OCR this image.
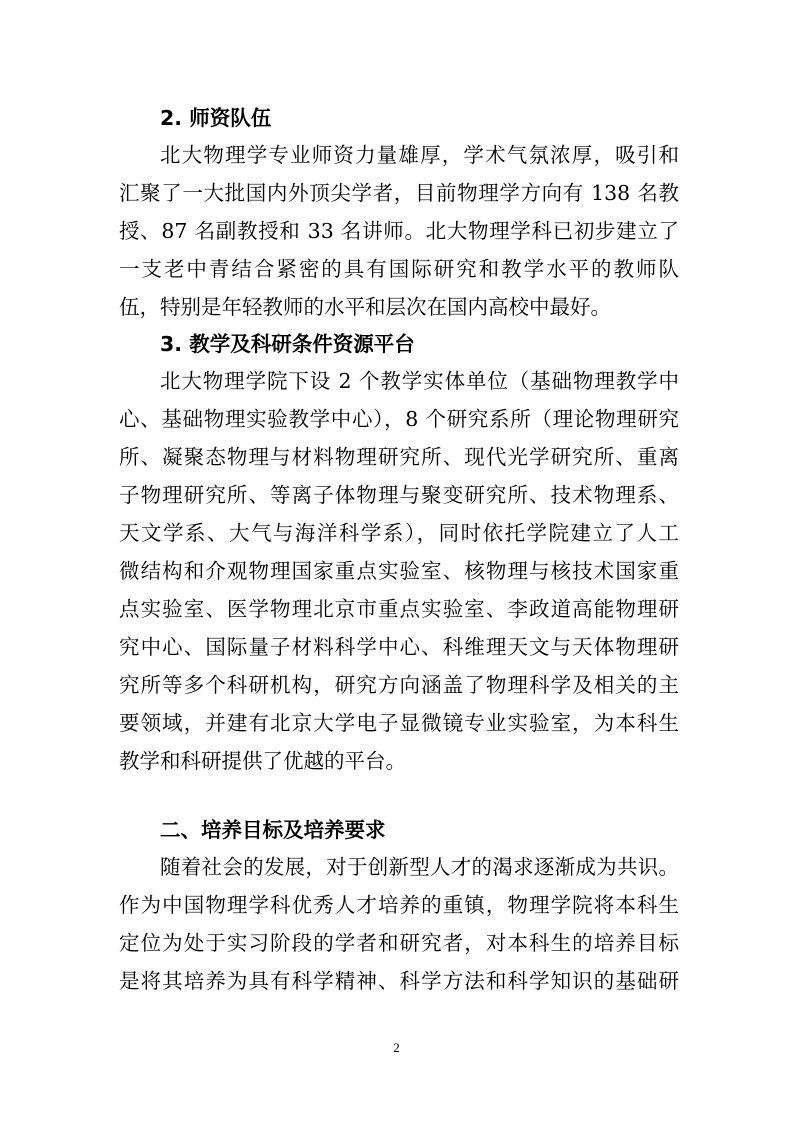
2. 师资队伍
北大物理学专业师资力量雄厚，学术气氛浓厚，吸引和
汇聚了一大批国内外顶尖学者，目前物理学方向有 138 名教
授、87 名副教授和 33 名讲师。北大物理学科已初步建立了
一支老中青结合紧密的具有国际研究和教学水平的教师队
伍，特别是年轻教师的水平和层次在国内高校中最好。
3. 教学及科研条件资源平台
北大物理学院下设 2 个教学实体单位（基础物理教学中
心、基础物理实验教学中心），8 个研究系所（理论物理研究
所、凝聚态物理与材料物理研究所、现代光学研究所、重离
子物理研究所、等离子体物理与聚变研究所、技术物理系、
天文学系、大气与海洋科学系），同时依托学院建立了人工
微结构和介观物理国家重点实验室、核物理与核技术国家重
点实验室、医学物理北京市重点实验室、李政道高能物理研
究中心、国际量子材料科学中心、科维理天文与天体物理研
究所等多个科研机构，研究方向涵盖了物理科学及相关的主
要领域，并建有北京大学电子显微镜专业实验室，为本科生
教学和科研提供了优越的平台。
二、培养目标及培养要求
随着社会的发展，对于创新型人才的渴求逐渐成为共识。
作为中国物理学科优秀人才培养的重镇，物理学院将本科生
定位为处于实习阶段的学者和研究者，对本科生的培养目标
是将其培养为具有科学精神、科学方法和科学知识的基础研
2
